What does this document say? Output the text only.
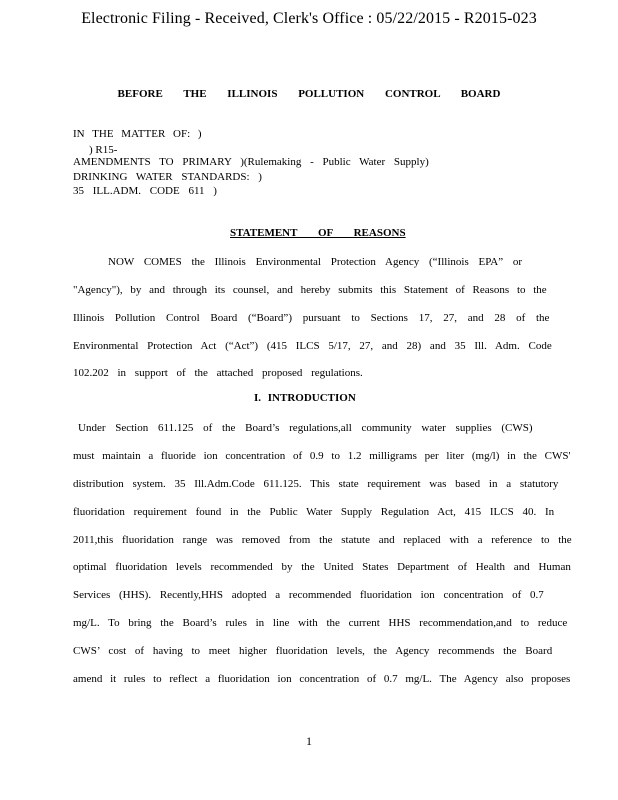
Electronic Filing - Received, Clerk's Office : 05/22/2015 - R2015-023
BEFORE THE ILLINOIS POLLUTION CONTROL BOARD
IN THE MATTER OF: )
) R15-
AMENDMENTS TO PRIMARY )(Rulemaking - Public Water Supply)
DRINKING WATER STANDARDS: )
35 ILL.ADM. CODE 611 )
STATEMENT OF REASONS
NOW COMES the Illinois Environmental Protection Agency (“Illinois EPA” or
"Agency"), by and through its counsel, and hereby submits this Statement of Reasons to the
Illinois Pollution Control Board (“Board”) pursuant to Sections 17, 27, and 28 of the
Environmental Protection Act (“Act”) (415 ILCS 5/17, 27, and 28) and 35 Ill. Adm. Code
102.202 in support of the attached proposed regulations.
I. INTRODUCTION
Under Section 611.125 of the Board’s regulations,all community water supplies (CWS)
must maintain a fluoride ion concentration of 0.9 to 1.2 milligrams per liter (mg/l) in the CWS'
distribution system. 35 Ill.Adm.Code 611.125. This state requirement was based in a statutory
fluoridation requirement found in the Public Water Supply Regulation Act, 415 ILCS 40. In
2011,this fluoridation range was removed from the statute and replaced with a reference to the
optimal fluoridation levels recommended by the United States Department of Health and Human
Services (HHS). Recently,HHS adopted a recommended fluoridation ion concentration of 0.7
mg/L. To bring the Board’s rules in line with the current HHS recommendation,and to reduce
CWS’ cost of having to meet higher fluoridation levels, the Agency recommends the Board
amend it rules to reflect a fluoridation ion concentration of 0.7 mg/L. The Agency also proposes
1
